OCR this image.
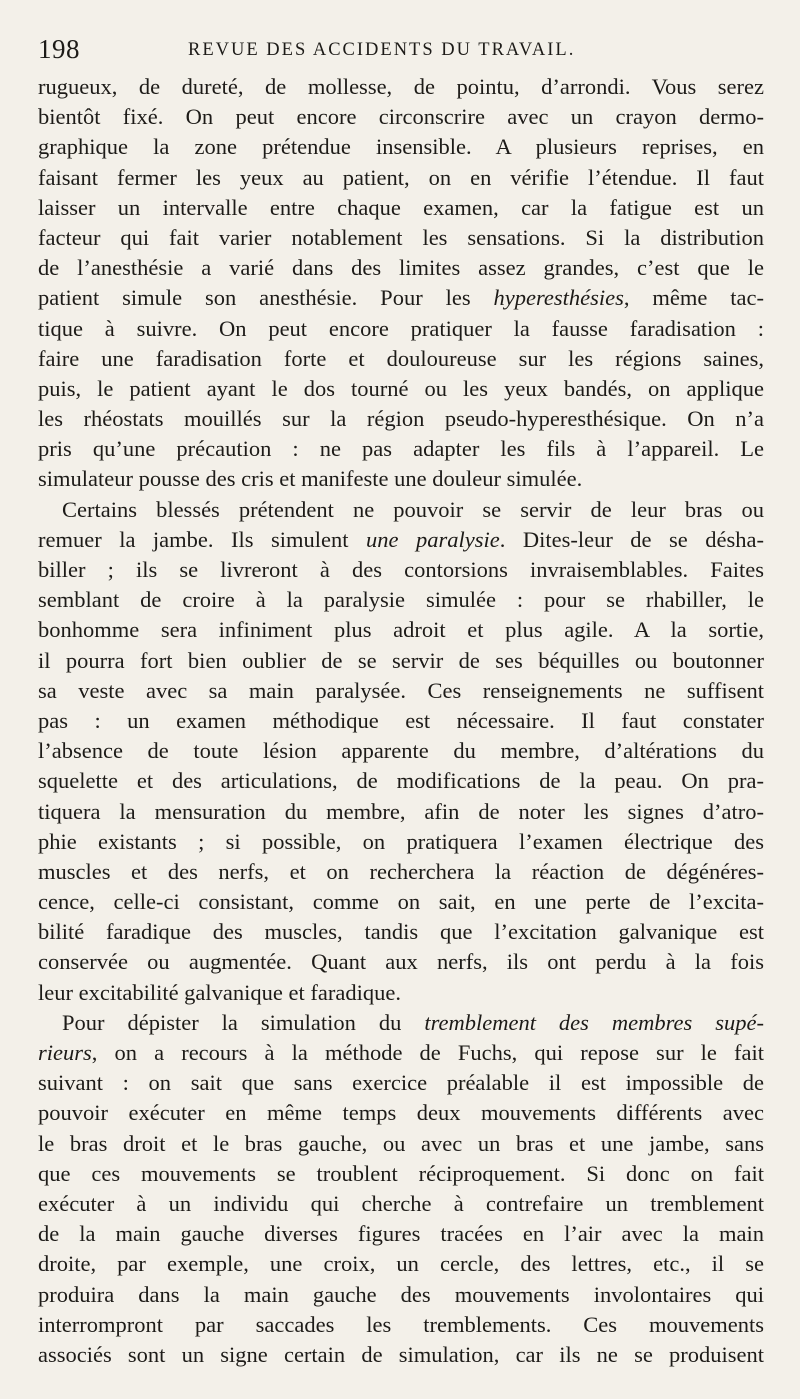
198	REVUE DES ACCIDENTS DU TRAVAIL.
rugueux, de dureté, de mollesse, de pointu, d’arrondi. Vous serez
bientôt fixé. On peut encore circonscrire avec un crayon dermo-
graphique la zone prétendue insensible. A plusieurs reprises, en
faisant fermer les yeux au patient, on en vérifie l’étendue. Il faut
laisser un intervalle entre chaque examen, car la fatigue est un
facteur qui fait varier notablement les sensations. Si la distribution
de l’anesthésie a varié dans des limites assez grandes, c’est que le
patient simule son anesthésie. Pour les hyperesthésies, même tac-
tique à suivre. On peut encore pratiquer la fausse faradisation :
faire une faradisation forte et douloureuse sur les régions saines,
puis, le patient ayant le dos tourné ou les yeux bandés, on applique
les rhéostats mouillés sur la région pseudo-hyperesthésique. On n’a
pris qu’une précaution : ne pas adapter les fils à l’appareil. Le
simulateur pousse des cris et manifeste une douleur simulée.
Certains blessés prétendent ne pouvoir se servir de leur bras ou
remuer la jambe. Ils simulent une paralysie. Dites-leur de se désha-
biller ; ils se livreront à des contorsions invraisemblables. Faites
semblant de croire à la paralysie simulée : pour se rhabiller, le
bonhomme sera infiniment plus adroit et plus agile. A la sortie,
il pourra fort bien oublier de se servir de ses béquilles ou boutonner
sa veste avec sa main paralysée. Ces renseignements ne suffisent
pas : un examen méthodique est nécessaire. Il faut constater
l’absence de toute lésion apparente du membre, d’altérations du
squelette et des articulations, de modifications de la peau. On pra-
tiquera la mensuration du membre, afin de noter les signes d’atro-
phie existants ; si possible, on pratiquera l’examen électrique des
muscles et des nerfs, et on recherchera la réaction de dégénéres-
cence, celle-ci consistant, comme on sait, en une perte de l’excita-
bilité faradique des muscles, tandis que l’excitation galvanique est
conservée ou augmentée. Quant aux nerfs, ils ont perdu à la fois
leur excitabilité galvanique et faradique.
Pour dépister la simulation du tremblement des membres supé-
rieurs, on a recours à la méthode de Fuchs, qui repose sur le fait
suivant : on sait que sans exercice préalable il est impossible de
pouvoir exécuter en même temps deux mouvements différents avec
le bras droit et le bras gauche, ou avec un bras et une jambe, sans
que ces mouvements se troublent réciproquement. Si donc on fait
exécuter à un individu qui cherche à contrefaire un tremblement
de la main gauche diverses figures tracées en l’air avec la main
droite, par exemple, une croix, un cercle, des lettres, etc., il se
produira dans la main gauche des mouvements involontaires qui
interrompront par saccades les tremblements. Ces mouvements
associés sont un signe certain de simulation, car ils ne se produisent
